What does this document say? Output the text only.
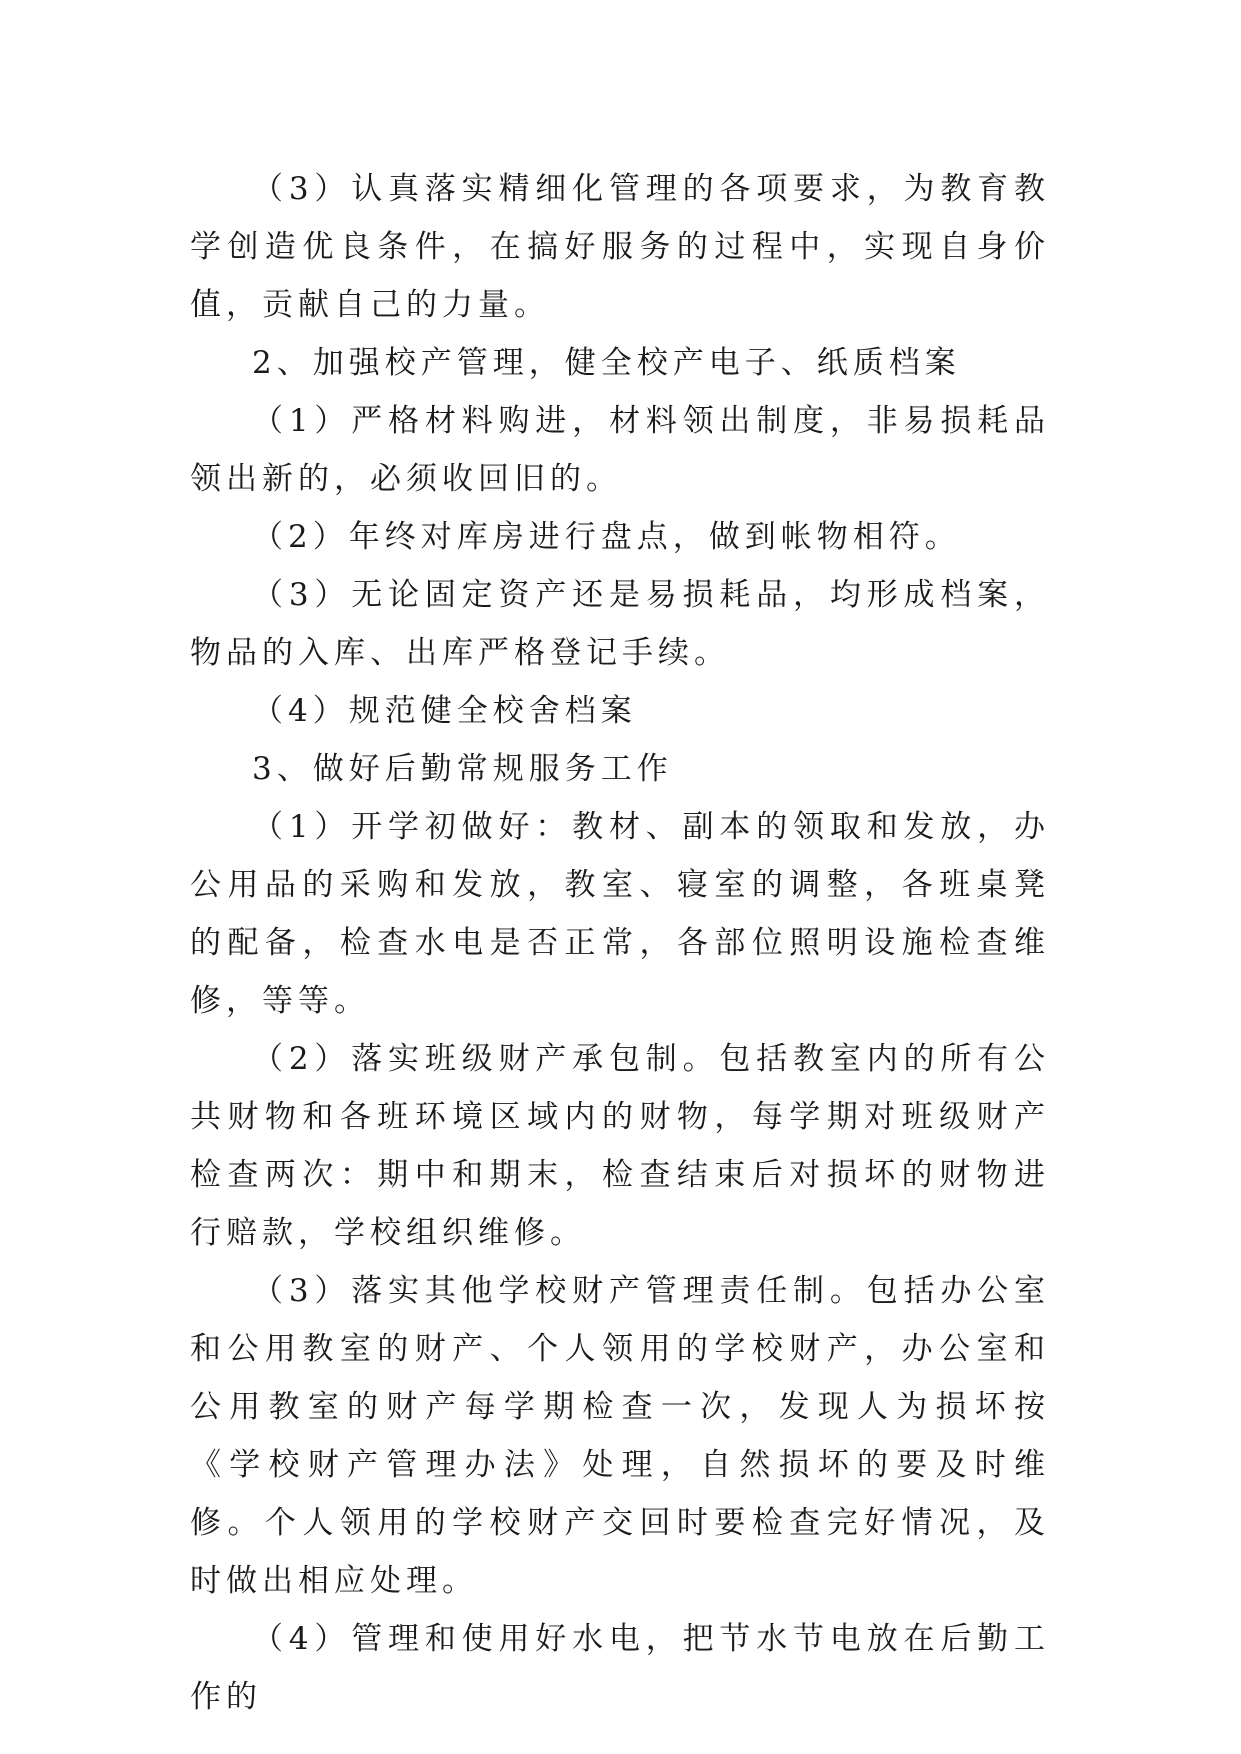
（3）认真落实精细化管理的各项要求，为教育教学创造优良条件，在搞好服务的过程中，实现自身价值，贡献自己的力量。

2、加强校产管理，健全校产电子、纸质档案

（1）严格材料购进，材料领出制度，非易损耗品领出新的，必须收回旧的。

（2）年终对库房进行盘点，做到帐物相符。

（3）无论固定资产还是易损耗品，均形成档案，物品的入库、出库严格登记手续。

（4）规范健全校舍档案

3、做好后勤常规服务工作

（1）开学初做好：教材、副本的领取和发放，办公用品的采购和发放，教室、寝室的调整，各班桌凳的配备，检查水电是否正常，各部位照明设施检查维修，等等。

（2）落实班级财产承包制。包括教室内的所有公共财物和各班环境区域内的财物，每学期对班级财产检查两次：期中和期末，检查结束后对损坏的财物进行赔款，学校组织维修。

（3）落实其他学校财产管理责任制。包括办公室和公用教室的财产、个人领用的学校财产，办公室和公用教室的财产每学期检查一次，发现人为损坏按《学校财产管理办法》处理，自然损坏的要及时维修。个人领用的学校财产交回时要检查完好情况，及时做出相应处理。

（4）管理和使用好水电，把节水节电放在后勤工作的
